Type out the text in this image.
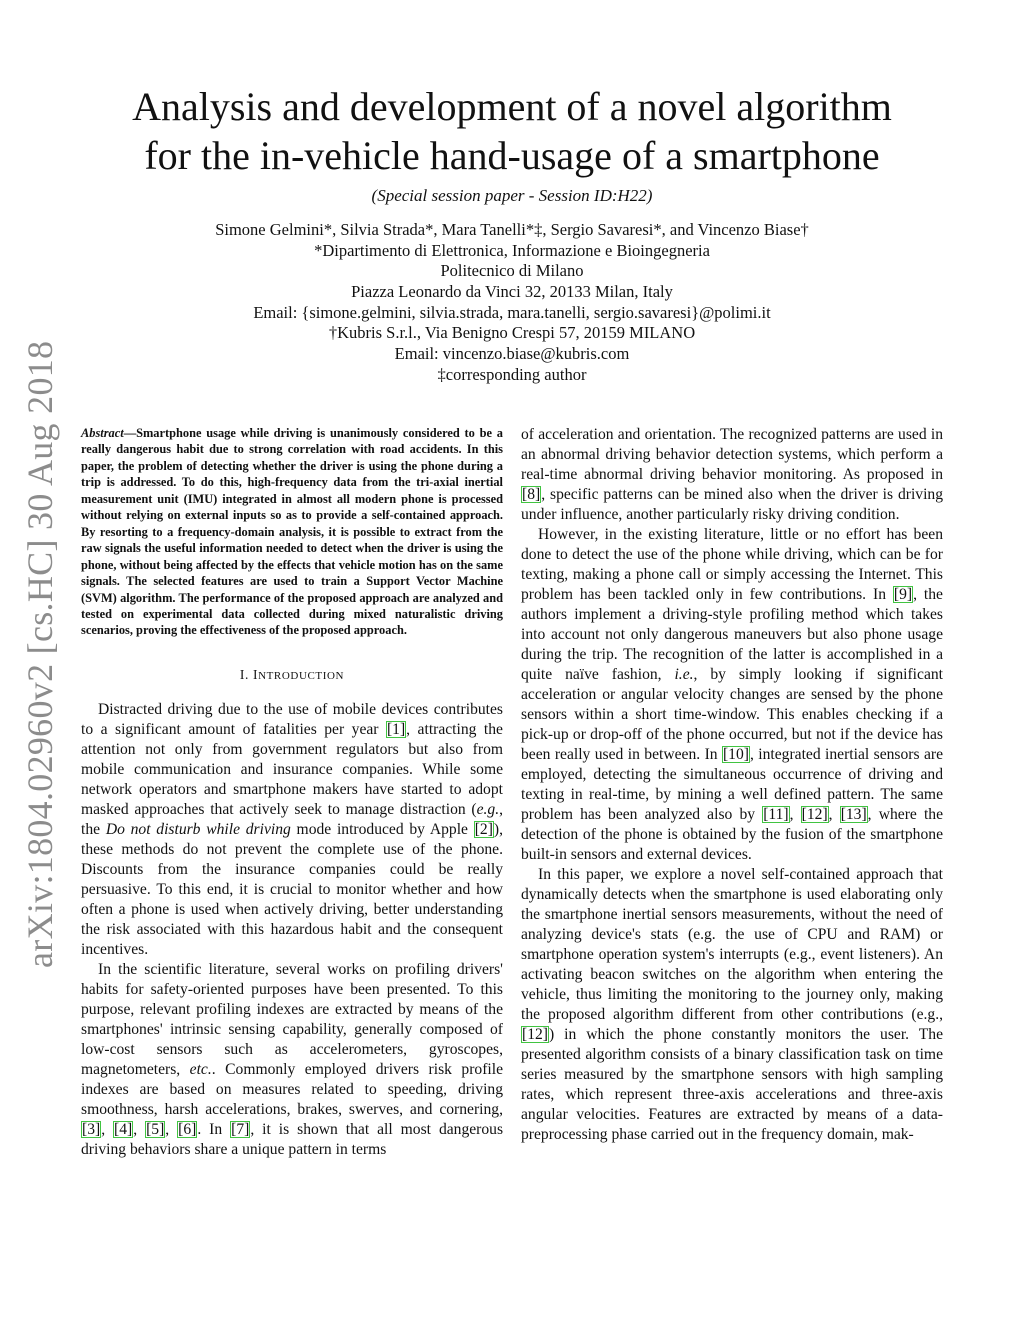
arXiv:1804.02960v2 [cs.HC] 30 Aug 2018
Analysis and development of a novel algorithm
for the in-vehicle hand-usage of a smartphone
(Special session paper - Session ID:H22)
Simone Gelmini*, Silvia Strada*, Mara Tanelli*‡, Sergio Savaresi*, and Vincenzo Biase†
*Dipartimento di Elettronica, Informazione e Bioingegneria
Politecnico di Milano
Piazza Leonardo da Vinci 32, 20133 Milan, Italy
Email: {simone.gelmini, silvia.strada, mara.tanelli, sergio.savaresi}@polimi.it
†Kubris S.r.l., Via Benigno Crespi 57, 20159 MILANO
Email: vincenzo.biase@kubris.com
‡corresponding author

Abstract—Smartphone usage while driving is unanimously considered to be a really dangerous habit due to strong correlation with road accidents. In this paper, the problem of detecting whether the driver is using the phone during a trip is addressed. To do this, high-frequency data from the tri-axial inertial measurement unit (IMU) integrated in almost all modern phone is processed without relying on external inputs so as to provide a self-contained approach. By resorting to a frequency-domain analysis, it is possible to extract from the raw signals the useful information needed to detect when the driver is using the phone, without being affected by the effects that vehicle motion has on the same signals. The selected features are used to train a Support Vector Machine (SVM) algorithm. The performance of the proposed approach are analyzed and tested on experimental data collected during mixed naturalistic driving scenarios, proving the effectiveness of the proposed approach.

I. INTRODUCTION

Distracted driving due to the use of mobile devices contributes to a significant amount of fatalities per year [1], attracting the attention not only from government regulators but also from mobile communication and insurance companies. While some network operators and smartphone makers have started to adopt masked approaches that actively seek to manage distraction (e.g., the Do not disturb while driving mode introduced by Apple [2]), these methods do not prevent the complete use of the phone. Discounts from the insurance companies could be really persuasive. To this end, it is crucial to monitor whether and how often a phone is used when actively driving, better understanding the risk associated with this hazardous habit and the consequent incentives.

In the scientific literature, several works on profiling drivers' habits for safety-oriented purposes have been presented. To this purpose, relevant profiling indexes are extracted by means of the smartphones' intrinsic sensing capability, generally composed of low-cost sensors such as accelerometers, gyroscopes, magnetometers, etc.. Commonly employed drivers risk profile indexes are based on measures related to speeding, driving smoothness, harsh accelerations, brakes, swerves, and cornering, [3], [4], [5], [6]. In [7], it is shown that all most dangerous driving behaviors share a unique pattern in terms

of acceleration and orientation. The recognized patterns are used in an abnormal driving behavior detection systems, which perform a real-time abnormal driving behavior monitoring. As proposed in [8], specific patterns can be mined also when the driver is driving under influence, another particularly risky driving condition.

However, in the existing literature, little or no effort has been done to detect the use of the phone while driving, which can be for texting, making a phone call or simply accessing the Internet. This problem has been tackled only in few contributions. In [9], the authors implement a driving-style profiling method which takes into account not only dangerous maneuvers but also phone usage during the trip. The recognition of the latter is accomplished in a quite naïve fashion, i.e., by simply looking if significant acceleration or angular velocity changes are sensed by the phone sensors within a short time-window. This enables checking if a pick-up or drop-off of the phone occurred, but not if the device has been really used in between. In [10], integrated inertial sensors are employed, detecting the simultaneous occurrence of driving and texting in real-time, by mining a well defined pattern. The same problem has been analyzed also by [11], [12], [13], where the detection of the phone is obtained by the fusion of the smartphone built-in sensors and external devices.

In this paper, we explore a novel self-contained approach that dynamically detects when the smartphone is used elaborating only the smartphone inertial sensors measurements, without the need of analyzing device's stats (e.g. the use of CPU and RAM) or smartphone operation system's interrupts (e.g., event listeners). An activating beacon switches on the algorithm when entering the vehicle, thus limiting the monitoring to the journey only, making the proposed algorithm different from other contributions (e.g., [12]) in which the phone constantly monitors the user. The presented algorithm consists of a binary classification task on time series measured by the smartphone sensors with high sampling rates, which represent three-axis accelerations and three-axis angular velocities. Features are extracted by means of a data-preprocessing phase carried out in the frequency domain, mak-
